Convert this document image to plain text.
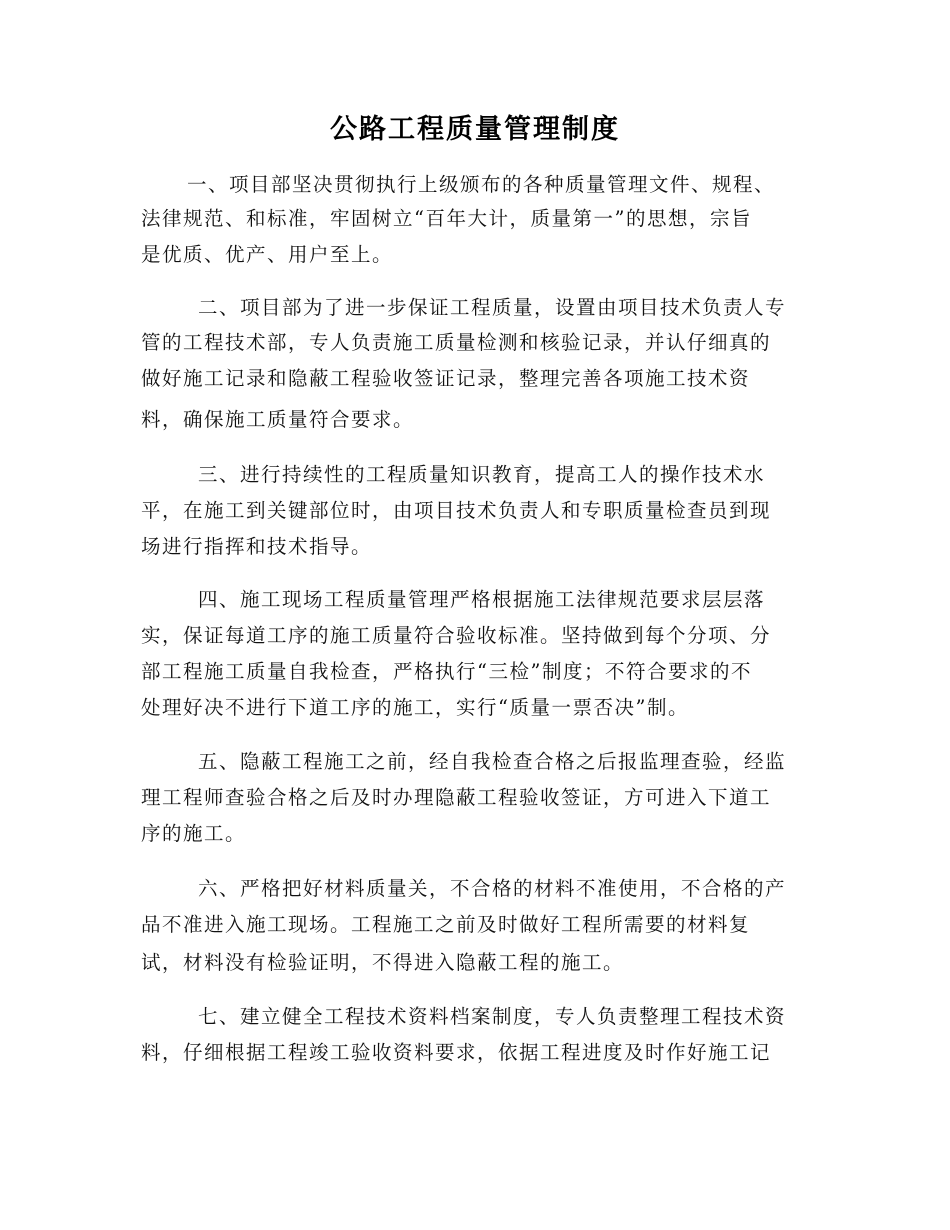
公路工程质量管理制度
一、项目部坚决贯彻执行上级颁布的各种质量管理文件、规程、
法律规范、和标准，牢固树立“百年大计，质量第一”的思想，宗旨
是优质、优产、用户至上。
二、项目部为了进一步保证工程质量，设置由项目技术负责人专
管的工程技术部，专人负责施工质量检测和核验记录，并认仔细真的
做好施工记录和隐蔽工程验收签证记录，整理完善各项施工技术资
料，确保施工质量符合要求。
三、进行持续性的工程质量知识教育，提高工人的操作技术水
平，在施工到关键部位时，由项目技术负责人和专职质量检查员到现
场进行指挥和技术指导。
四、施工现场工程质量管理严格根据施工法律规范要求层层落
实，保证每道工序的施工质量符合验收标准。坚持做到每个分项、分
部工程施工质量自我检查，严格执行“三检”制度；不符合要求的不
处理好决不进行下道工序的施工，实行“质量一票否决”制。
五、隐蔽工程施工之前，经自我检查合格之后报监理查验，经监
理工程师查验合格之后及时办理隐蔽工程验收签证，方可进入下道工
序的施工。
六、严格把好材料质量关，不合格的材料不准使用，不合格的产
品不准进入施工现场。工程施工之前及时做好工程所需要的材料复
试，材料没有检验证明，不得进入隐蔽工程的施工。
七、建立健全工程技术资料档案制度，专人负责整理工程技术资
料，仔细根据工程竣工验收资料要求，依据工程进度及时作好施工记
